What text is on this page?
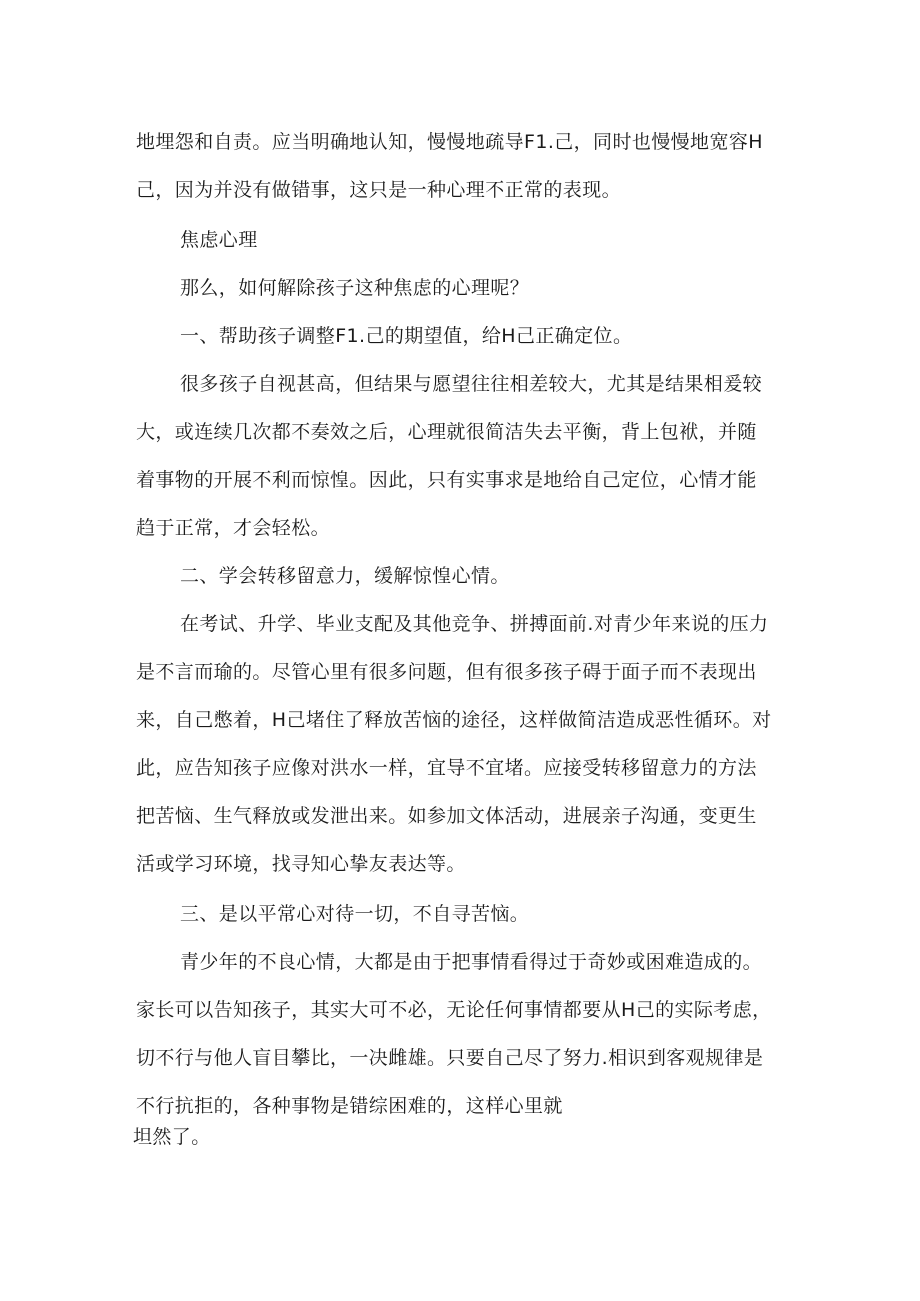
地埋怨和自责。应当明确地认知，慢慢地疏导F1.己，同时也慢慢地宽容H
己，因为并没有做错事，这只是一种心理不正常的表现。
焦虑心理
那么，如何解除孩子这种焦虑的心理呢？
一、帮助孩子调整F1.己的期望值，给H己正确定位。
很多孩子自视甚高，但结果与愿望往往相差较大，尤其是结果相爰较
大，或连续几次都不奏效之后，心理就很简洁失去平衡，背上包袱，并随
着事物的开展不利而惊惶。因此，只有实事求是地给自己定位，心情才能
趋于正常，才会轻松。
二、学会转移留意力，缓解惊惶心情。
在考试、升学、毕业支配及其他竞争、拼搏面前.对青少年来说的压力
是不言而瑜的。尽管心里有很多问题，但有很多孩子碍于面子而不表现出
来，自己憋着，H己堵住了释放苦恼的途径，这样做简洁造成恶性循环。对
此，应告知孩子应像对洪水一样，宜导不宜堵。应接受转移留意力的方法
把苦恼、生气释放或发泄出来。如参加文体活动，进展亲子沟通，变更生
活或学习环境，找寻知心挚友表达等。
三、是以平常心对待一切，不自寻苦恼。
青少年的不良心情，大都是由于把事情看得过于奇妙或困难造成的。
家长可以告知孩子，其实大可不必，无论任何事情都要从H己的实际考虑，
切不行与他人盲目攀比，一决雌雄。只要自己尽了努力.相识到客观规律是
不行抗拒的，各种事物是错综困难的，这样心里就
坦然了。
